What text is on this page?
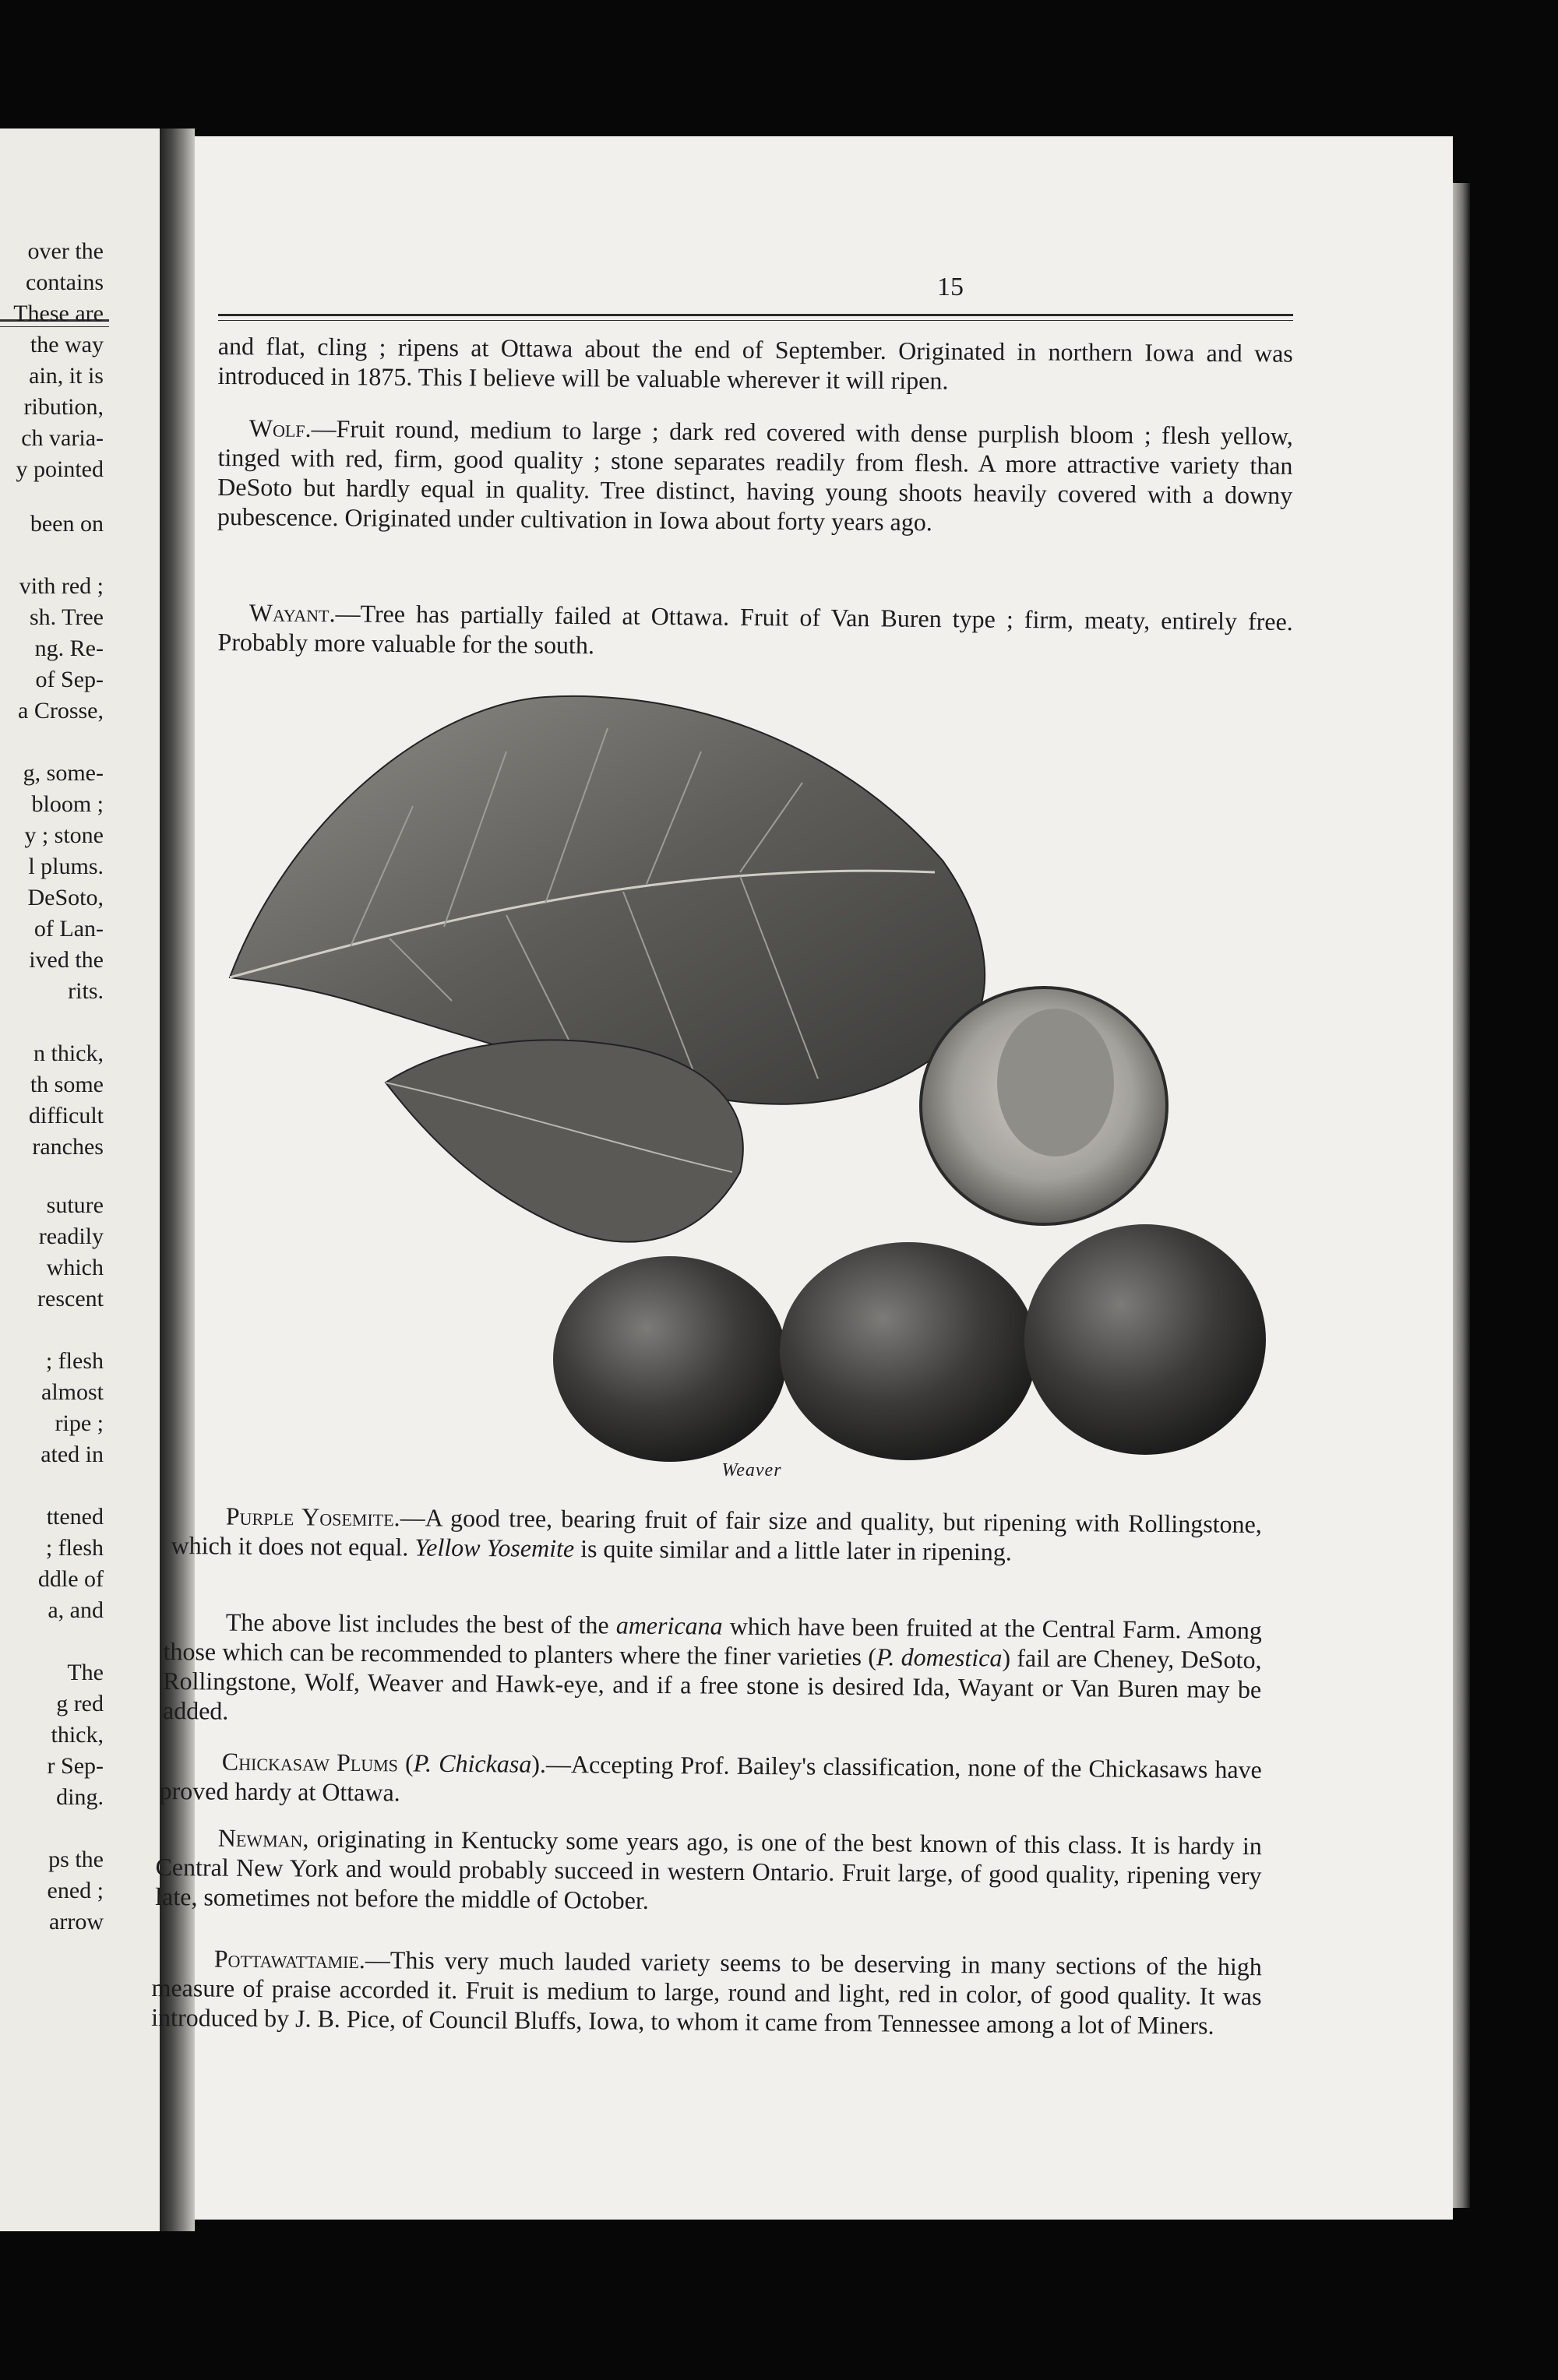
over the

contains

These are

the way

ain, it is

ribution,

ch varia-

y pointed

been on

vith red ;

sh. Tree

ng. Re-

of Sep-

a Crosse,

g, some-

bloom ;

y ; stone

l plums.

DeSoto,

of Lan-

ived the

rits.

n thick,

th some

difficult

ranches

suture

readily

which

rescent

; flesh

almost

ripe ;

ated in

ttened

; flesh

ddle of

a, and

The

g red

thick,

r Sep-

ding.

ps the

ened ;

arrow

15

and flat, cling ; ripens at Ottawa about the end of September. Originated in northern Iowa and was introduced in 1875. This I believe will be valuable wherever it will ripen.

Wolf.—Fruit round, medium to large ; dark red covered with dense purplish bloom ; flesh yellow, tinged with red, firm, good quality ; stone separates readily from flesh. A more attractive variety than DeSoto but hardly equal in quality. Tree distinct, having young shoots heavily covered with a downy pubescence. Originated under cultivation in Iowa about forty years ago.

Wayant.—Tree has partially failed at Ottawa. Fruit of Van Buren type ; firm, meaty, entirely free. Probably more valuable for the south.

Weaver

Purple Yosemite.—A good tree, bearing fruit of fair size and quality, but ripening with Rollingstone, which it does not equal. Yellow Yosemite is quite similar and a little later in ripening.

The above list includes the best of the americana which have been fruited at the Central Farm. Among those which can be recommended to planters where the finer varieties (P. domestica) fail are Cheney, DeSoto, Rollingstone, Wolf, Weaver and Hawk-eye, and if a free stone is desired Ida, Wayant or Van Buren may be added.

Chickasaw Plums (P. Chickasa).—Accepting Prof. Bailey's classification, none of the Chickasaws have proved hardy at Ottawa.

Newman, originating in Kentucky some years ago, is one of the best known of this class. It is hardy in Central New York and would probably succeed in western Ontario. Fruit large, of good quality, ripening very late, sometimes not before the middle of October.

Pottawattamie.—This very much lauded variety seems to be deserving in many sections of the high measure of praise accorded it. Fruit is medium to large, round and light, red in color, of good quality. It was introduced by J. B. Pice, of Council Bluffs, Iowa, to whom it came from Tennessee among a lot of Miners.
